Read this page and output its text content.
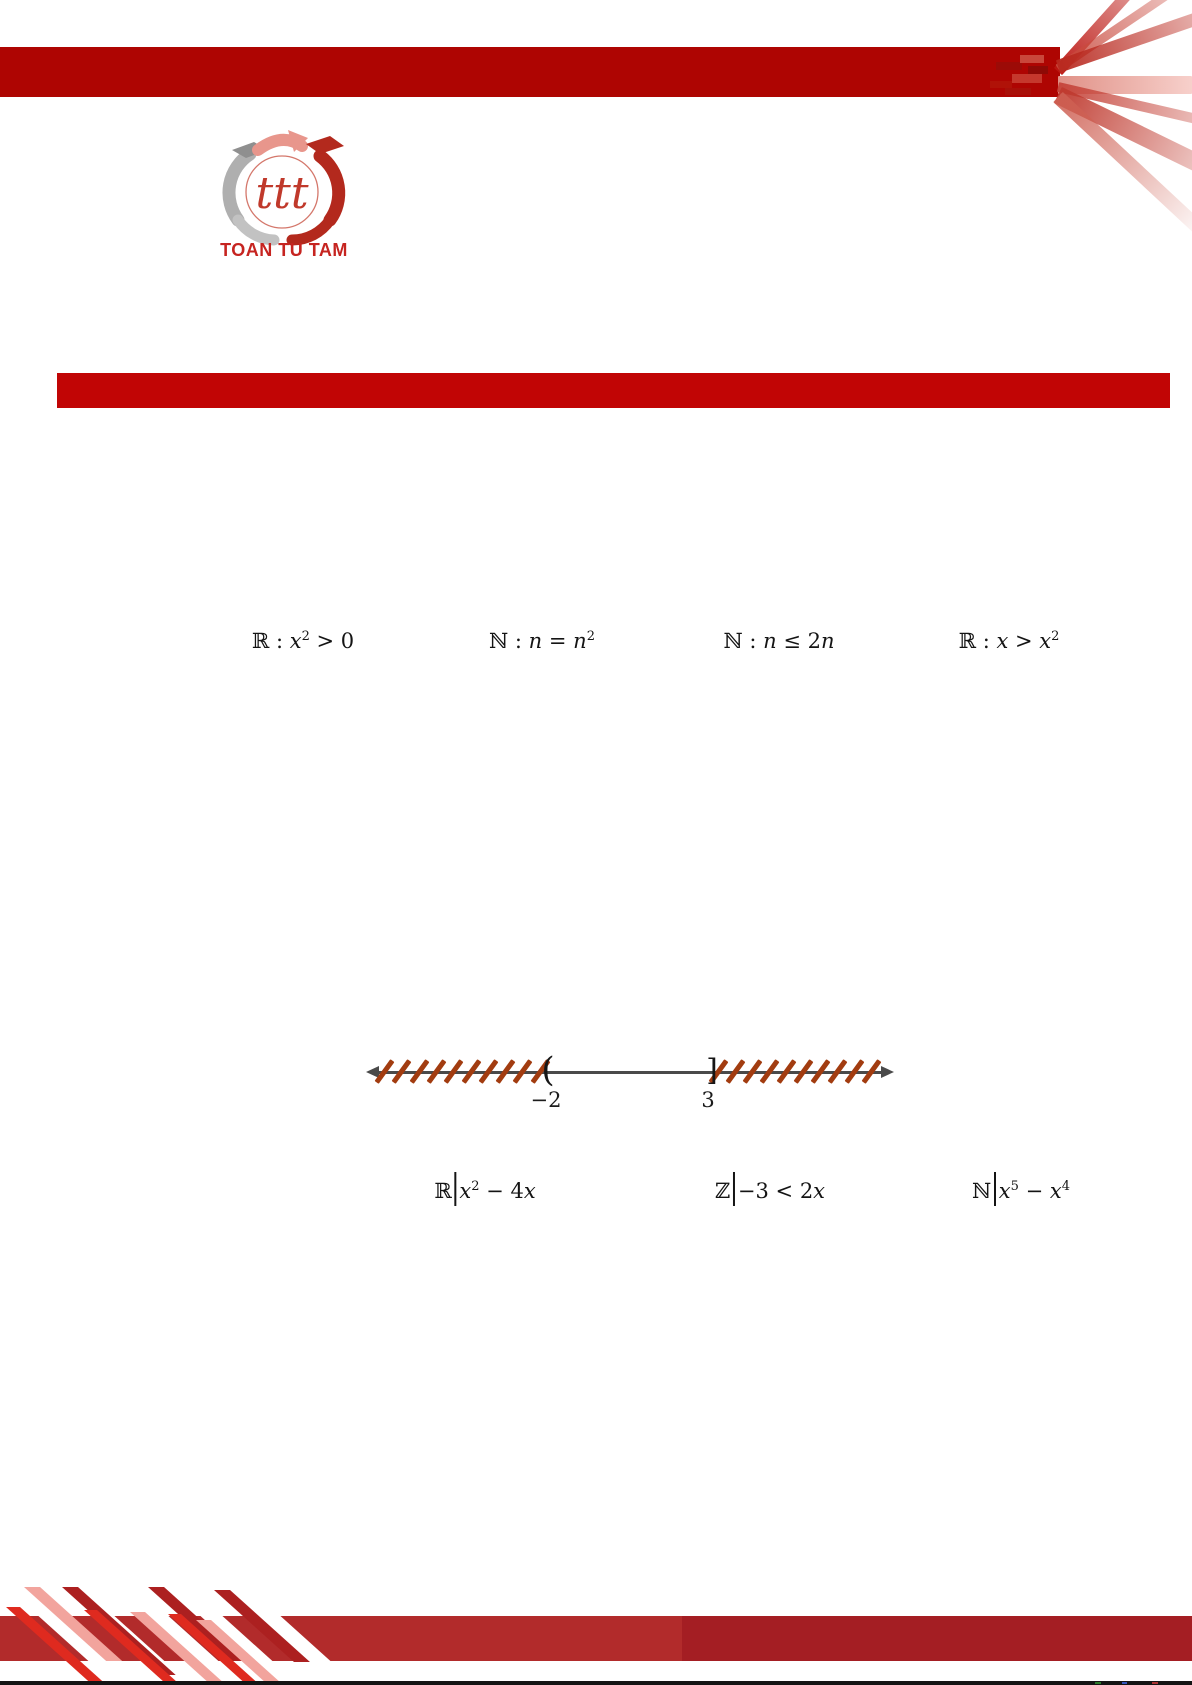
ttt
TOAN TU TAM
ℝ : $x^2 > 0$	ℕ : $n = n^2$	ℕ : n ≤ 2n	ℝ : $x > x^2$
(	]
−2	3
ℝ $x^2 - 4x$	ℤ −3 < 2x	ℕ $x^5 - x^4$
